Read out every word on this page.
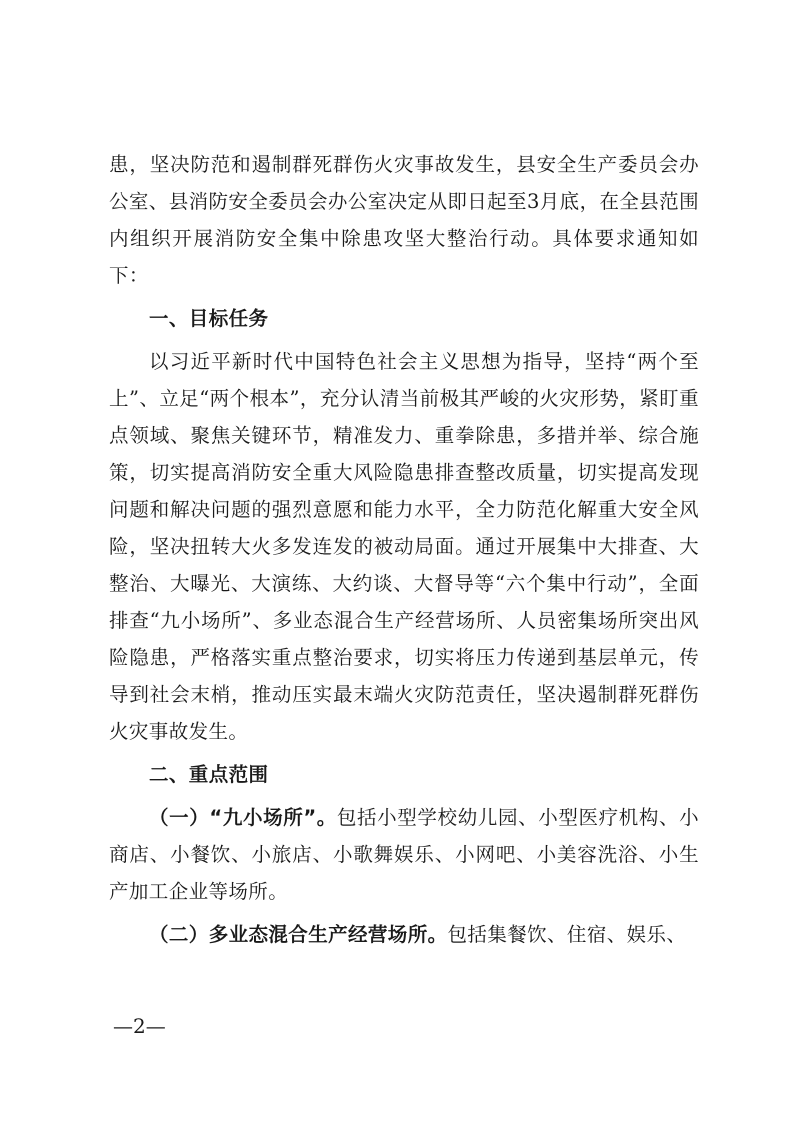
患，坚决防范和遏制群死群伤火灾事故发生，县安全生产委员会办公室、县消防安全委员会办公室决定从即日起至3月底，在全县范围内组织开展消防安全集中除患攻坚大整治行动。具体要求通知如下：

一、目标任务

以习近平新时代中国特色社会主义思想为指导，坚持“两个至上”、立足“两个根本”，充分认清当前极其严峻的火灾形势，紧盯重点领域、聚焦关键环节，精准发力、重拳除患，多措并举、综合施策，切实提高消防安全重大风险隐患排查整改质量，切实提高发现问题和解决问题的强烈意愿和能力水平，全力防范化解重大安全风险，坚决扭转大火多发连发的被动局面。通过开展集中大排查、大整治、大曝光、大演练、大约谈、大督导等“六个集中行动”，全面排查“九小场所”、多业态混合生产经营场所、人员密集场所突出风险隐患，严格落实重点整治要求，切实将压力传递到基层单元，传导到社会末梢，推动压实最末端火灾防范责任，坚决遏制群死群伤火灾事故发生。

二、重点范围

（一）“九小场所”。包括小型学校幼儿园、小型医疗机构、小商店、小餐饮、小旅店、小歌舞娱乐、小网吧、小美容洗浴、小生产加工企业等场所。

（二）多业态混合生产经营场所。包括集餐饮、住宿、娱乐、

—2—
